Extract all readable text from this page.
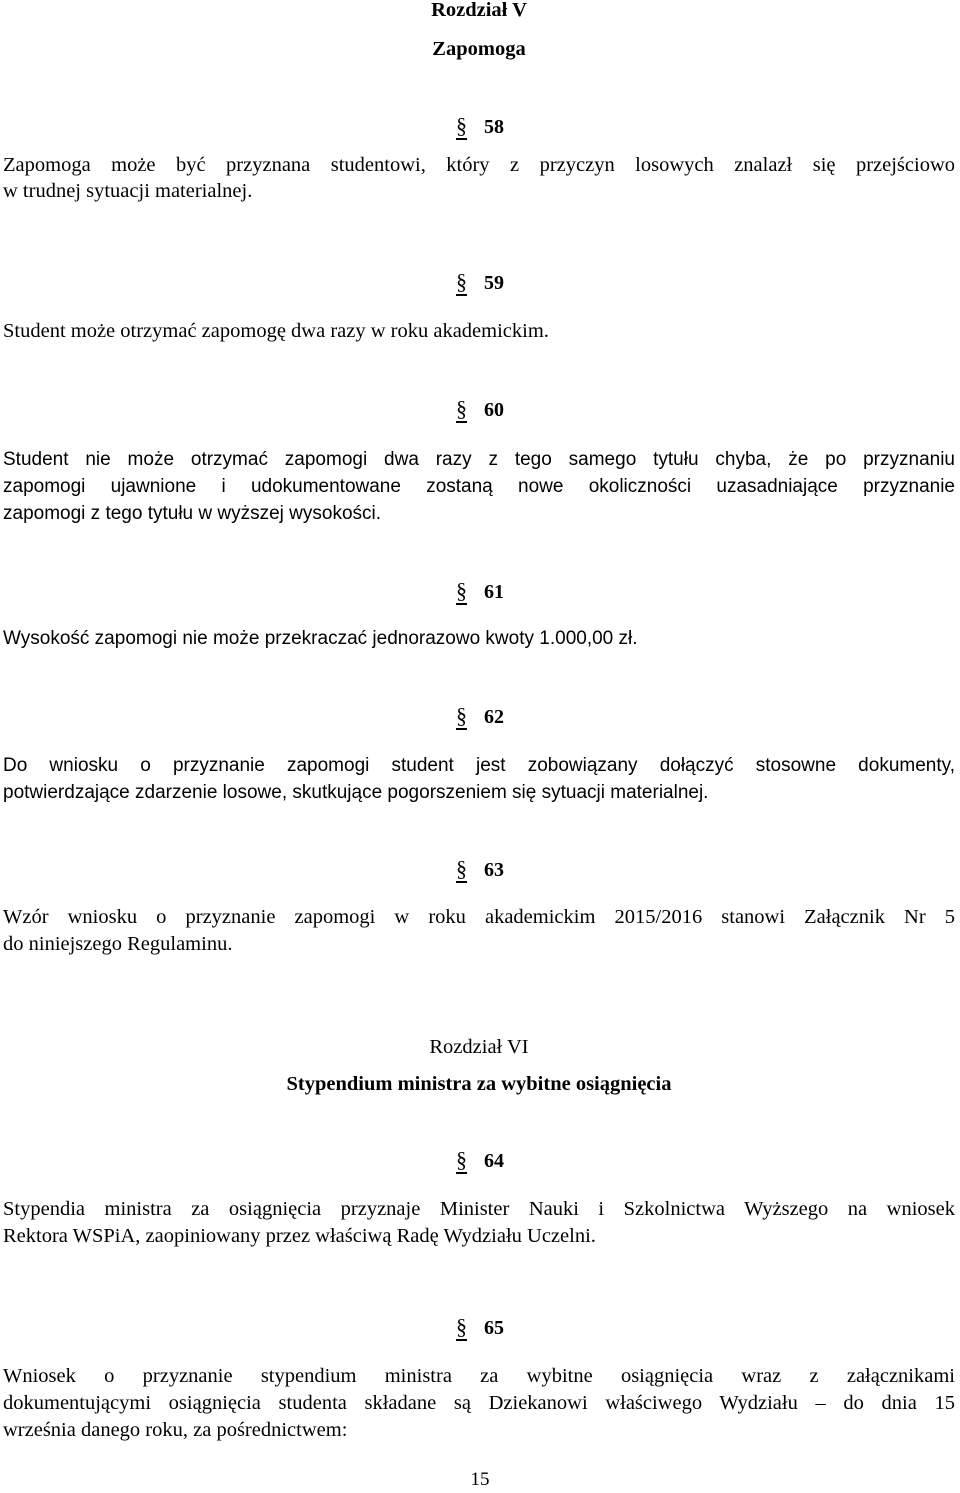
Rozdział V
Zapomoga
§ 58
Zapomoga może być przyznana studentowi, który z przyczyn losowych znalazł się przejściowo
w trudnej sytuacji materialnej.
§ 59
Student może otrzymać zapomogę dwa razy w roku akademickim.
§ 60
Student nie może otrzymać zapomogi dwa razy z tego samego tytułu chyba, że po przyznaniu
zapomogi ujawnione i udokumentowane zostaną nowe okoliczności uzasadniające przyznanie
zapomogi z tego tytułu w wyższej wysokości.
§ 61
Wysokość zapomogi nie może przekraczać jednorazowo kwoty 1.000,00 zł.
§ 62
Do wniosku o przyznanie zapomogi student jest zobowiązany dołączyć stosowne dokumenty,
potwierdzające zdarzenie losowe, skutkujące pogorszeniem się sytuacji materialnej.
§ 63
Wzór wniosku o przyznanie zapomogi w roku akademickim 2015/2016 stanowi Załącznik Nr 5
do niniejszego Regulaminu.
Rozdział VI
Stypendium ministra za wybitne osiągnięcia
§ 64
Stypendia ministra za osiągnięcia przyznaje Minister Nauki i Szkolnictwa Wyższego na wniosek
Rektora WSPiA, zaopiniowany przez właściwą Radę Wydziału Uczelni.
§ 65
Wniosek o przyznanie stypendium ministra za wybitne osiągnięcia wraz z załącznikami
dokumentującymi osiągnięcia studenta składane są Dziekanowi właściwego Wydziału – do dnia 15
września danego roku, za pośrednictwem:
15
